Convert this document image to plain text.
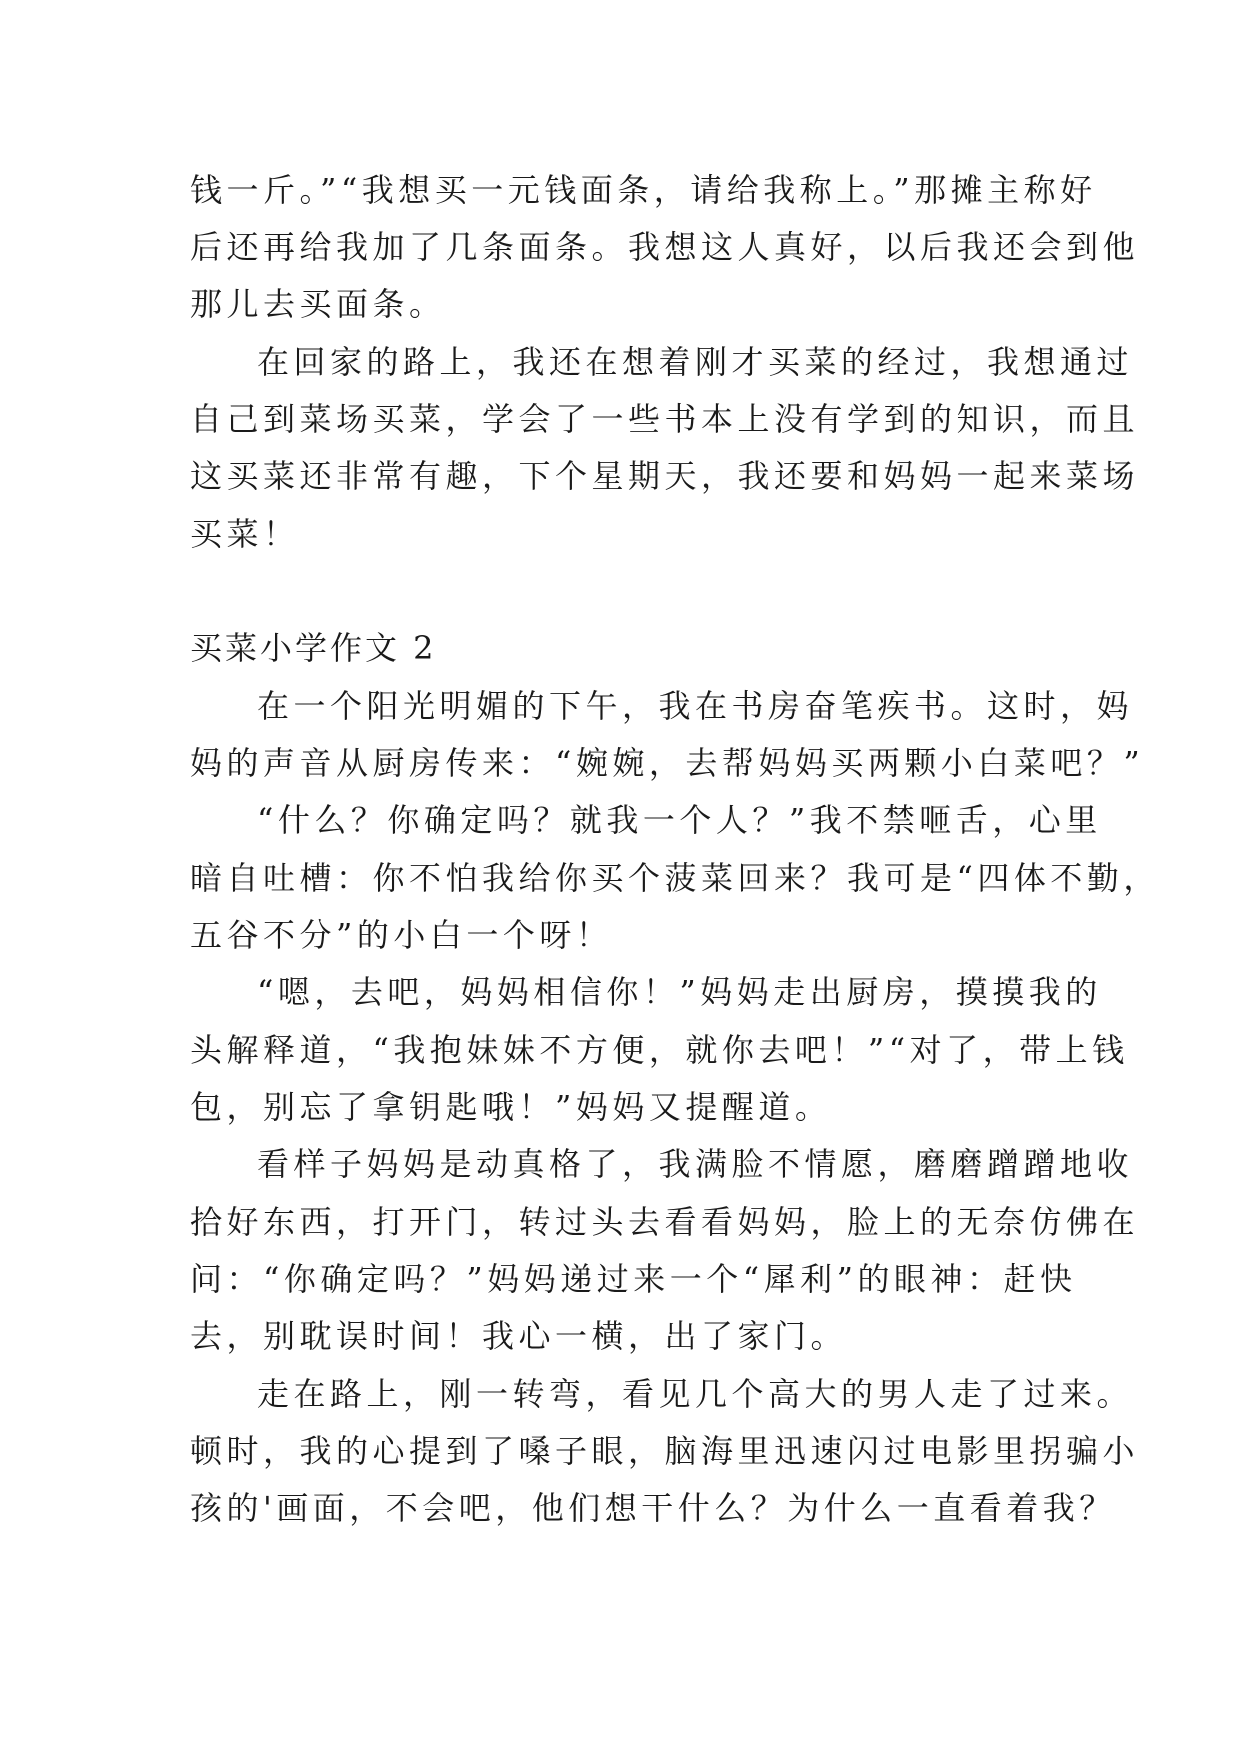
钱一斤。”“我想买一元钱面条，请给我称上。”那摊主称好
后还再给我加了几条面条。我想这人真好，以后我还会到他
那儿去买面条。
在回家的路上，我还在想着刚才买菜的经过，我想通过
自己到菜场买菜，学会了一些书本上没有学到的知识，而且
这买菜还非常有趣，下个星期天，我还要和妈妈一起来菜场
买菜！
买菜小学作文 2
在一个阳光明媚的下午，我在书房奋笔疾书。这时，妈
妈的声音从厨房传来：“婉婉，去帮妈妈买两颗小白菜吧？”
“什么？你确定吗？就我一个人？”我不禁咂舌，心里
暗自吐槽：你不怕我给你买个菠菜回来？我可是“四体不勤，
五谷不分”的小白一个呀！
“嗯，去吧，妈妈相信你！”妈妈走出厨房，摸摸我的
头解释道，“我抱妹妹不方便，就你去吧！”“对了，带上钱
包，别忘了拿钥匙哦！”妈妈又提醒道。
看样子妈妈是动真格了，我满脸不情愿，磨磨蹭蹭地收
拾好东西，打开门，转过头去看看妈妈，脸上的无奈仿佛在
问：“你确定吗？”妈妈递过来一个“犀利”的眼神：赶快
去，别耽误时间！我心一横，出了家门。
走在路上，刚一转弯，看见几个高大的男人走了过来。
顿时，我的心提到了嗓子眼，脑海里迅速闪过电影里拐骗小
孩的'画面，不会吧，他们想干什么？为什么一直看着我？
